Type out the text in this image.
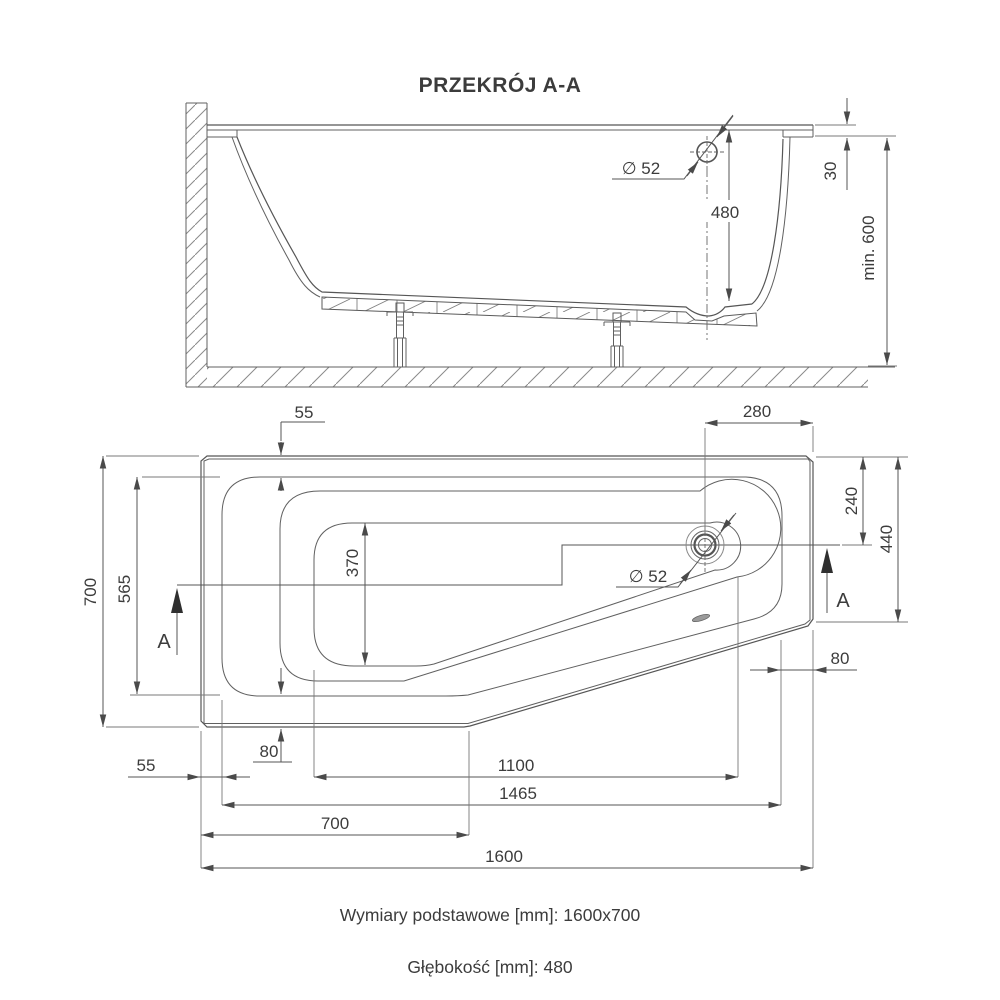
PRZEKRÓJ A-A
∅ 52
480
30
min. 600
∅ 52
A
A
55	280
240
440
80
80
55	1100
1465
700
1600
370
565
700
Wymiary podstawowe [mm]: 1600x700
Głębokość [mm]: 480
